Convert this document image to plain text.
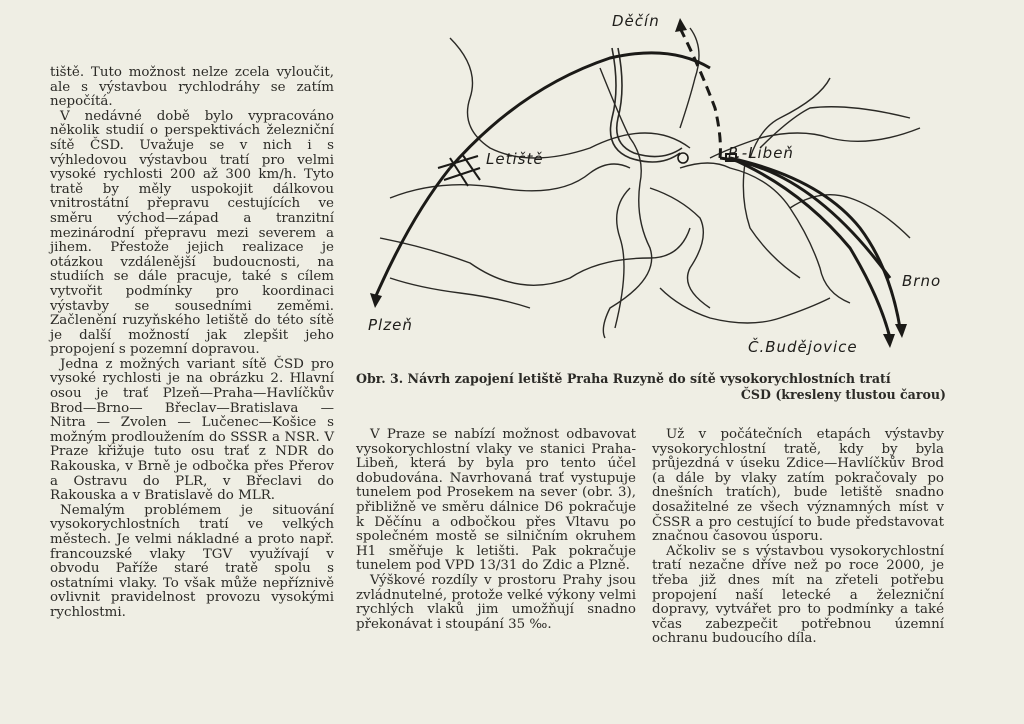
tiště. Tuto možnost nelze zcela vyloučit, ale s výstavbou rychlodráhy se zatím nepočítá.

V nedávné době bylo vypracováno několik studií o perspektivách železniční sítě ČSD. Uvažuje se v nich i s výhledovou výstavbou tratí pro velmi vysoké rychlosti 200 až 300 km/h. Tyto tratě by měly uspokojit dálkovou vnitrostátní přepravu cestujících ve směru východ—západ a tranzitní mezinárodní přepravu mezi severem a jihem. Přestože jejich realizace je otázkou vzdálenější budoucnosti, na studiích se dále pracuje, také s cílem vytvořit podmínky pro koordinaci výstavby se sousedními zeměmi. Začlenění ruzyňského letiště do této sítě je další možností jak zlepšit jeho propojení s pozemní dopravou.

Jedna z možných variant sítě ČSD pro vysoké rychlosti je na obrázku 2. Hlavní osou je trať Plzeň—Praha—Havlíčkův Brod—Brno— Břeclav—Bratislava — Nitra — Zvolen — Lučenec—Košice s možným prodloužením do SSSR a NSR. V Praze křižuje tuto osu trať z NDR do Rakouska, v Brně je odbočka přes Přerov a Ostravu do PLR, v Břeclavi do Rakouska a v Bratislavě do MLR.

Nemalým problémem je situování vysokorychlostních tratí ve velkých městech. Je velmi nákladné a proto např. francouzské vlaky TGV využívají v obvodu Paříže staré tratě spolu s ostatními vlaky. To však může nepříznivě ovlivnit pravidelnost provozu vysokými rychlostmi.

Děčín
Letiště	P.-Libeň
Brno
Plzeň
Č.Budějovice
Obr. 3. Návrh zapojení letiště Praha Ruzyně do sítě vysokorychlostních tratí
ČSD (kresleny tlustou čarou)

V Praze se nabízí možnost odbavovat vysokorychlostní vlaky ve stanici Praha-Libeň, která by byla pro tento účel dobudována. Navrhovaná trať vystupuje tunelem pod Prosekem na sever (obr. 3), přibližně ve směru dálnice D6 pokračuje k Děčínu a odbočkou přes Vltavu po společném mostě se silničním okruhem H1 směřuje k letišti. Pak pokračuje tunelem pod VPD 13/31 do Zdic a Plzně.

Výškové rozdíly v prostoru Prahy jsou zvládnutelné, protože velké výkony velmi rychlých vlaků jim umožňují snadno překonávat i stoupání 35 ‰.

Už v počátečních etapách výstavby vysokorychlostní tratě, kdy by byla průjezdná v úseku Zdice—Havlíčkův Brod (a dále by vlaky zatím pokračovaly po dnešních tratích), bude letiště snadno dosažitelné ze všech významných míst v ČSSR a pro cestující to bude představovat značnou časovou úsporu.

Ačkoliv se s výstavbou vysokorychlostní tratí nezačne dříve než po roce 2000, je třeba již dnes mít na zřeteli potřebu propojení naší letecké a železniční dopravy, vytvářet pro to podmínky a také včas zabezpečit potřebnou územní ochranu budoucího díla.
